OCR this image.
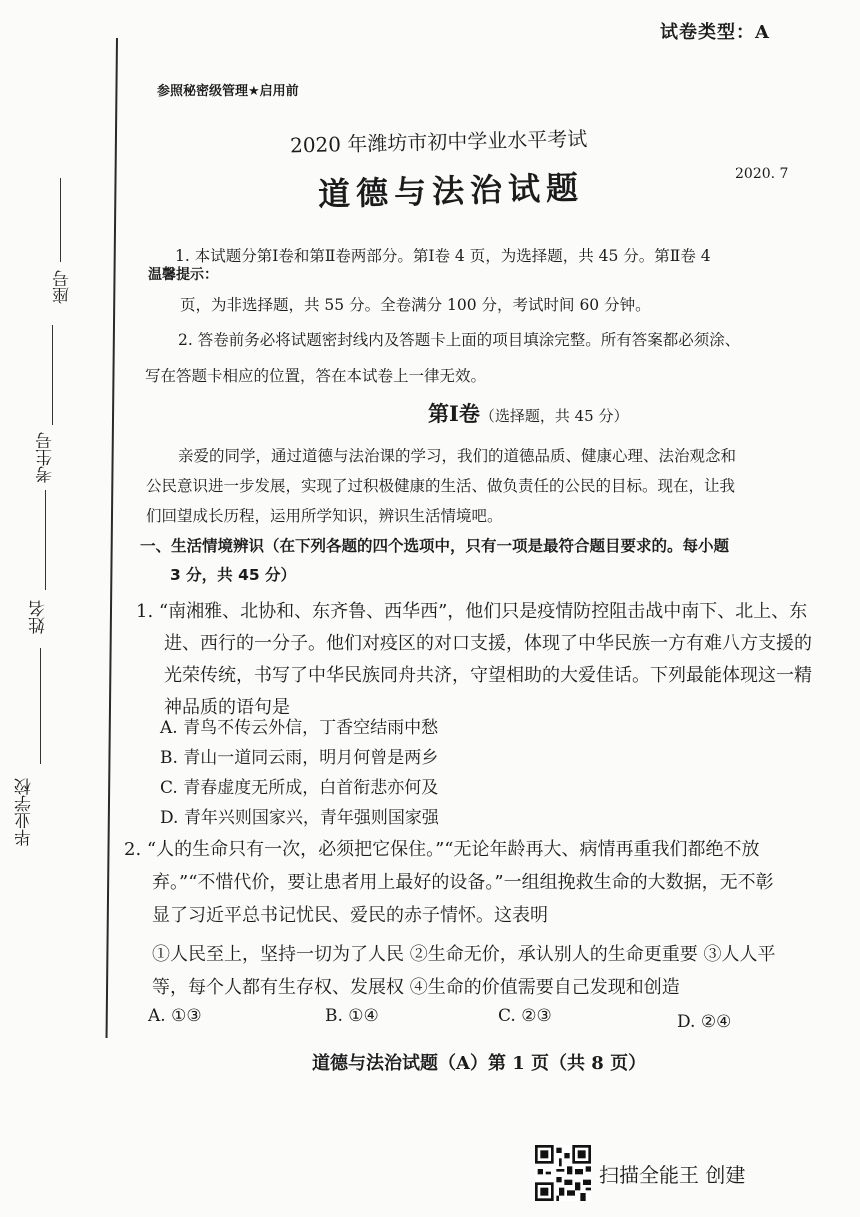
座号
考生号
姓名
毕业学校
试卷类型：A
参照秘密级管理★启用前
2020 年潍坊市初中学业水平考试
2020. 7
道德与法治试题
温馨提示：
1. 本试题分第Ⅰ卷和第Ⅱ卷两部分。第Ⅰ卷 4 页，为选择题，共 45 分。第Ⅱ卷 4
页，为非选择题，共 55 分。全卷满分 100 分，考试时间 60 分钟。
2. 答卷前务必将试题密封线内及答题卡上面的项目填涂完整。所有答案都必须涂、
写在答题卡相应的位置，答在本试卷上一律无效。
第Ⅰ卷（选择题，共 45 分）
亲爱的同学，通过道德与法治课的学习，我们的道德品质、健康心理、法治观念和
公民意识进一步发展，实现了过积极健康的生活、做负责任的公民的目标。现在，让我
们回望成长历程，运用所学知识，辨识生活情境吧。
一、生活情境辨识（在下列各题的四个选项中，只有一项是最符合题目要求的。每小题
3 分，共 45 分）
1. “南湘雅、北协和、东齐鲁、西华西”，他们只是疫情防控阻击战中南下、北上、东
进、西行的一分子。他们对疫区的对口支援，体现了中华民族一方有难八方支援的
光荣传统，书写了中华民族同舟共济，守望相助的大爱佳话。下列最能体现这一精
神品质的语句是
A. 青鸟不传云外信，丁香空结雨中愁
B. 青山一道同云雨，明月何曾是两乡
C. 青春虚度无所成，白首衔悲亦何及
D. 青年兴则国家兴，青年强则国家强
2. “人的生命只有一次，必须把它保住。”“无论年龄再大、病情再重我们都绝不放
弃。”“不惜代价，要让患者用上最好的设备。”一组组挽救生命的大数据，无不彰
显了习近平总书记忧民、爱民的赤子情怀。这表明
①人民至上，坚持一切为了人民 ②生命无价，承认别人的生命更重要 ③人人平
等，每个人都有生存权、发展权 ④生命的价值需要自己发现和创造
A. ①③	B. ①④	C. ②③	D. ②④
道德与法治试题（A）第 1 页（共 8 页）
扫描全能王 创建
